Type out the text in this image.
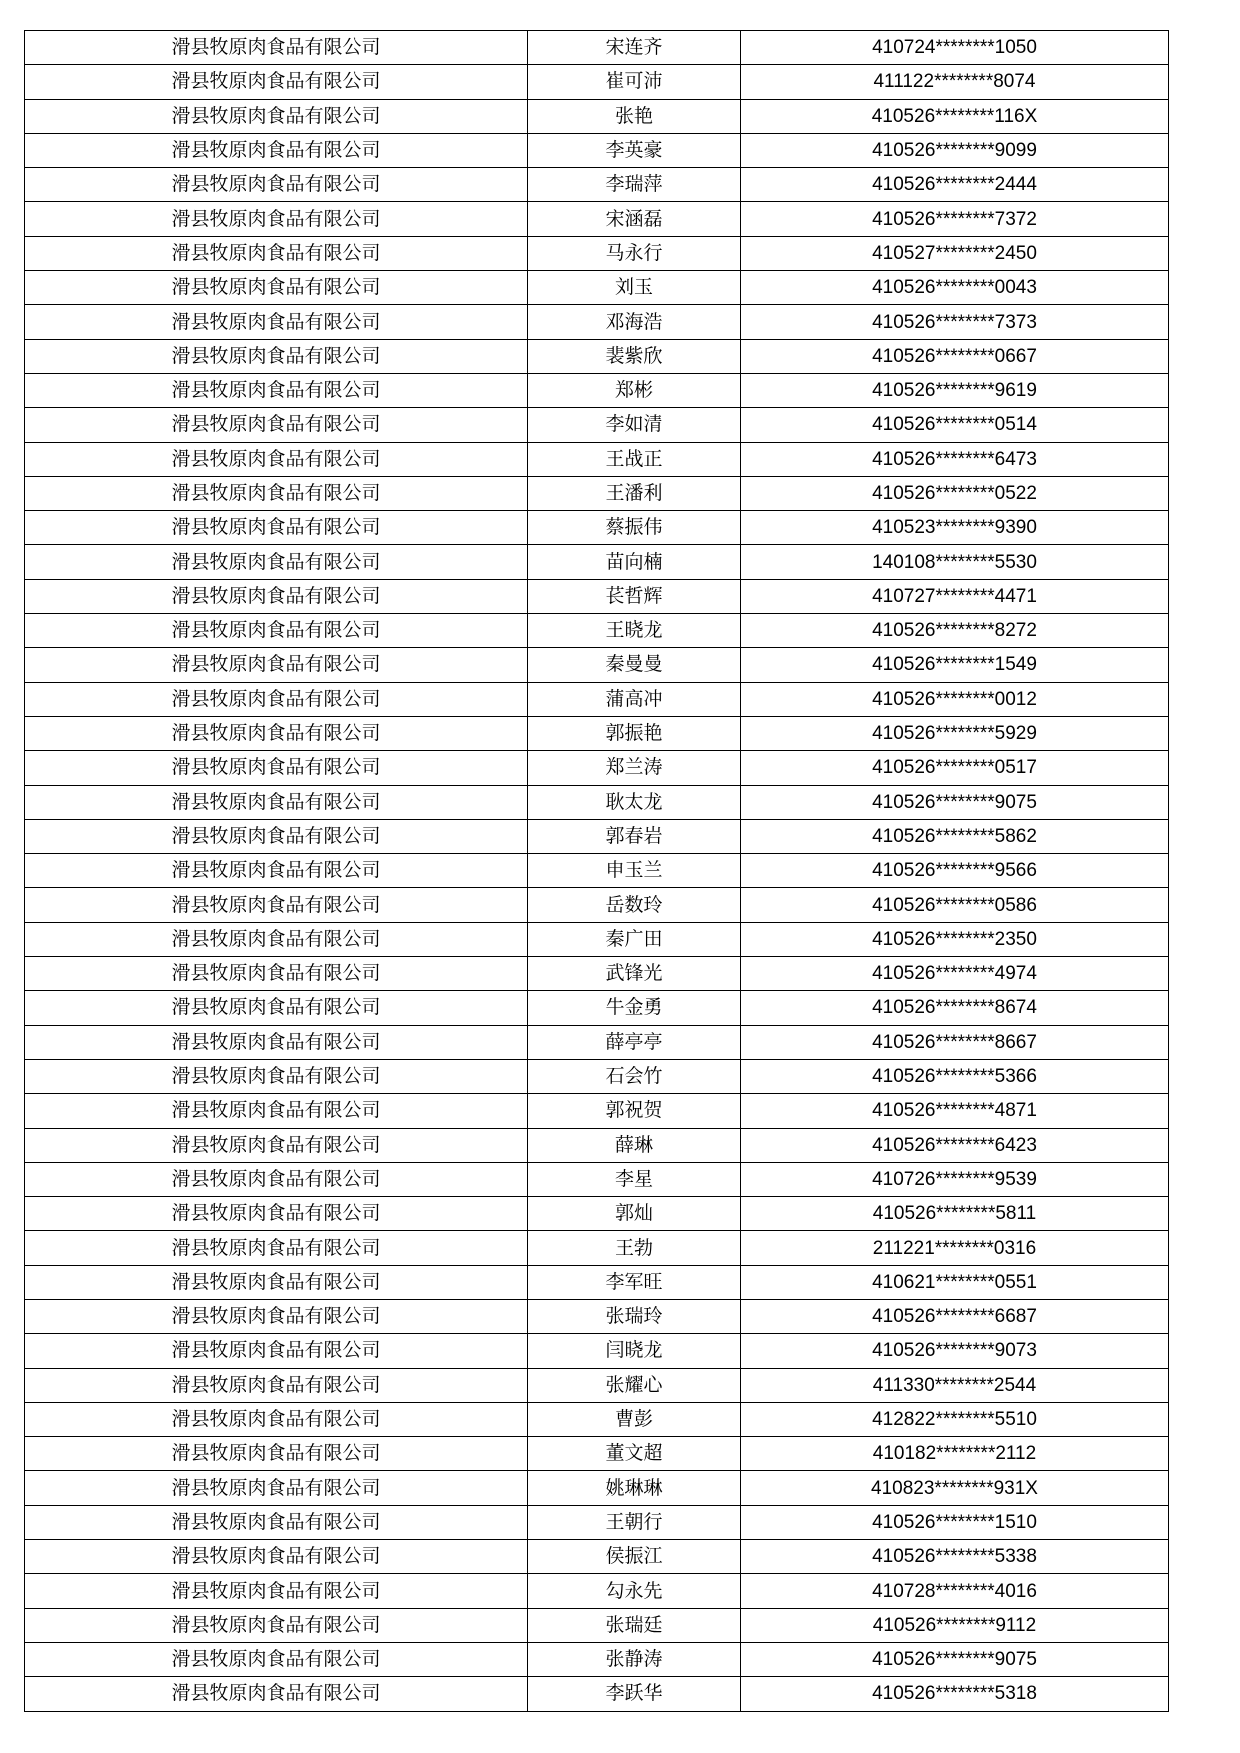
滑县牧原肉食品有限公司	宋连齐	410724********1050
滑县牧原肉食品有限公司	崔可沛	411122********8074
滑县牧原肉食品有限公司	张艳	410526********116X
滑县牧原肉食品有限公司	李英豪	410526********9099
滑县牧原肉食品有限公司	李瑞萍	410526********2444
滑县牧原肉食品有限公司	宋涵磊	410526********7372
滑县牧原肉食品有限公司	马永行	410527********2450
滑县牧原肉食品有限公司	刘玉	410526********0043
滑县牧原肉食品有限公司	邓海浩	410526********7373
滑县牧原肉食品有限公司	裴紫欣	410526********0667
滑县牧原肉食品有限公司	郑彬	410526********9619
滑县牧原肉食品有限公司	李如清	410526********0514
滑县牧原肉食品有限公司	王战正	410526********6473
滑县牧原肉食品有限公司	王潘利	410526********0522
滑县牧原肉食品有限公司	蔡振伟	410523********9390
滑县牧原肉食品有限公司	苗向楠	140108********5530
滑县牧原肉食品有限公司	苌哲辉	410727********4471
滑县牧原肉食品有限公司	王晓龙	410526********8272
滑县牧原肉食品有限公司	秦曼曼	410526********1549
滑县牧原肉食品有限公司	蒲高冲	410526********0012
滑县牧原肉食品有限公司	郭振艳	410526********5929
滑县牧原肉食品有限公司	郑兰涛	410526********0517
滑县牧原肉食品有限公司	耿太龙	410526********9075
滑县牧原肉食品有限公司	郭春岩	410526********5862
滑县牧原肉食品有限公司	申玉兰	410526********9566
滑县牧原肉食品有限公司	岳数玲	410526********0586
滑县牧原肉食品有限公司	秦广田	410526********2350
滑县牧原肉食品有限公司	武锋光	410526********4974
滑县牧原肉食品有限公司	牛金勇	410526********8674
滑县牧原肉食品有限公司	薛亭亭	410526********8667
滑县牧原肉食品有限公司	石会竹	410526********5366
滑县牧原肉食品有限公司	郭祝贺	410526********4871
滑县牧原肉食品有限公司	薛琳	410526********6423
滑县牧原肉食品有限公司	李星	410726********9539
滑县牧原肉食品有限公司	郭灿	410526********5811
滑县牧原肉食品有限公司	王勃	211221********0316
滑县牧原肉食品有限公司	李军旺	410621********0551
滑县牧原肉食品有限公司	张瑞玲	410526********6687
滑县牧原肉食品有限公司	闫晓龙	410526********9073
滑县牧原肉食品有限公司	张耀心	411330********2544
滑县牧原肉食品有限公司	曹彭	412822********5510
滑县牧原肉食品有限公司	董文超	410182********2112
滑县牧原肉食品有限公司	姚琳琳	410823********931X
滑县牧原肉食品有限公司	王朝行	410526********1510
滑县牧原肉食品有限公司	侯振江	410526********5338
滑县牧原肉食品有限公司	勾永先	410728********4016
滑县牧原肉食品有限公司	张瑞廷	410526********9112
滑县牧原肉食品有限公司	张静涛	410526********9075
滑县牧原肉食品有限公司	李跃华	410526********5318
